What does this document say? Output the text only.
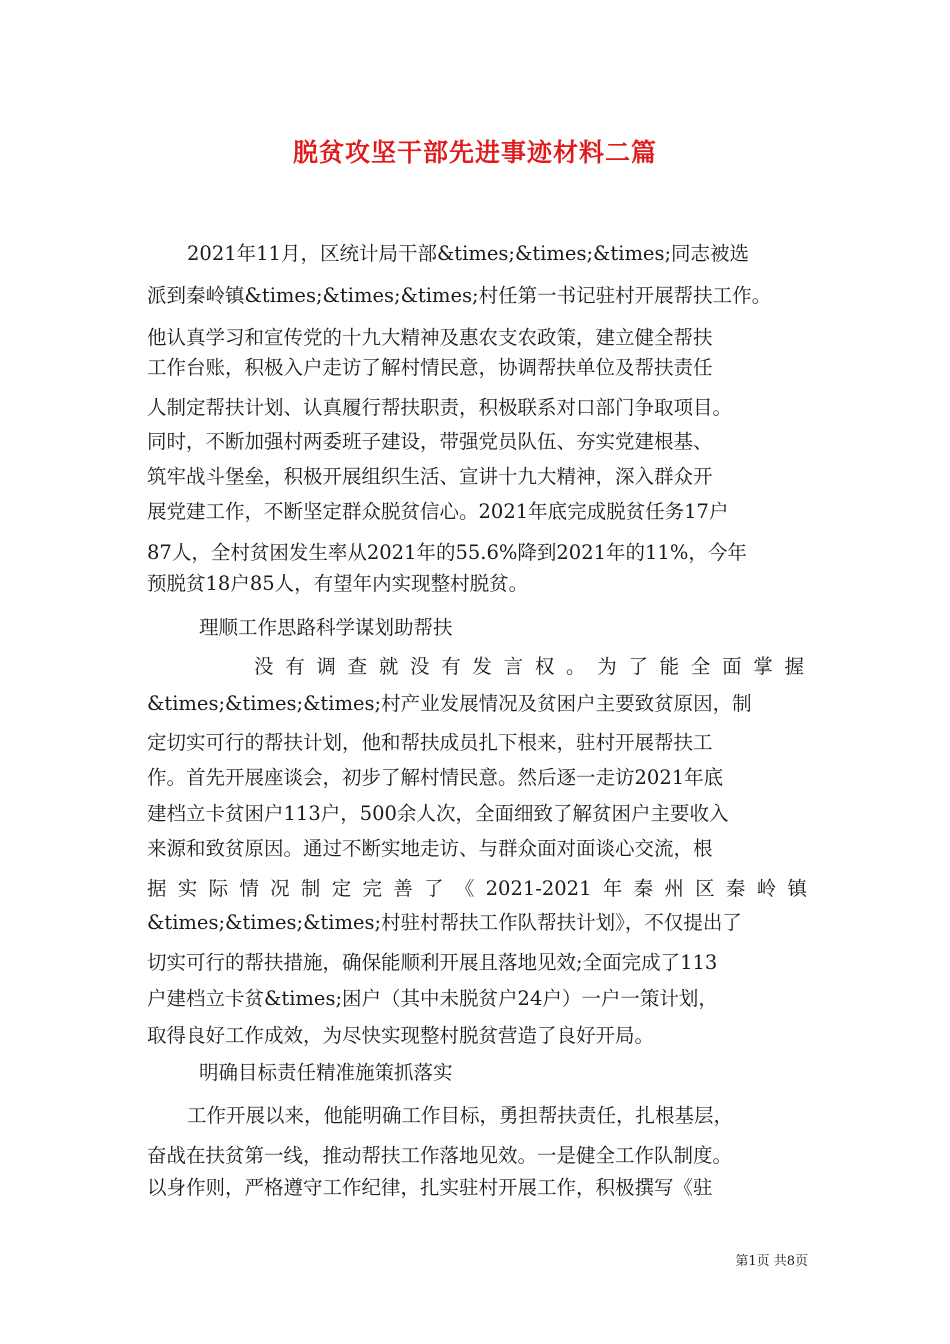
脱贫攻坚干部先进事迹材料二篇
2021年11月，区统计局干部&times;&times;&times;同志被选
派到秦岭镇&times;&times;&times;村任第一书记驻村开展帮扶工作。
他认真学习和宣传党的十九大精神及惠农支农政策，建立健全帮扶
工作台账，积极入户走访了解村情民意，协调帮扶单位及帮扶责任
人制定帮扶计划、认真履行帮扶职责，积极联系对口部门争取项目。
同时，不断加强村两委班子建设，带强党员队伍、夯实党建根基、
筑牢战斗堡垒，积极开展组织生活、宣讲十九大精神，深入群众开
展党建工作，不断坚定群众脱贫信心。2021年底完成脱贫任务17户
87人，全村贫困发生率从2021年的55.6%降到2021年的11%，今年
预脱贫18户85人，有望年内实现整村脱贫。
理顺工作思路科学谋划助帮扶
没有调查就没有发言权。为了能全面掌握
&times;&times;&times;村产业发展情况及贫困户主要致贫原因，制
定切实可行的帮扶计划，他和帮扶成员扎下根来，驻村开展帮扶工
作。首先开展座谈会，初步了解村情民意。然后逐一走访2021年底
建档立卡贫困户113户，500余人次，全面细致了解贫困户主要收入
来源和致贫原因。通过不断实地走访、与群众面对面谈心交流，根
据实际情况制定完善了《2021-2021年秦州区秦岭镇
&times;&times;&times;村驻村帮扶工作队帮扶计划》，不仅提出了
切实可行的帮扶措施，确保能顺利开展且落地见效;全面完成了113
户建档立卡贫&times;困户（其中未脱贫户24户）一户一策计划，
取得良好工作成效，为尽快实现整村脱贫营造了良好开局。
明确目标责任精准施策抓落实
工作开展以来，他能明确工作目标，勇担帮扶责任，扎根基层，
奋战在扶贫第一线，推动帮扶工作落地见效。一是健全工作队制度。
以身作则，严格遵守工作纪律，扎实驻村开展工作，积极撰写《驻
第1页 共8页
